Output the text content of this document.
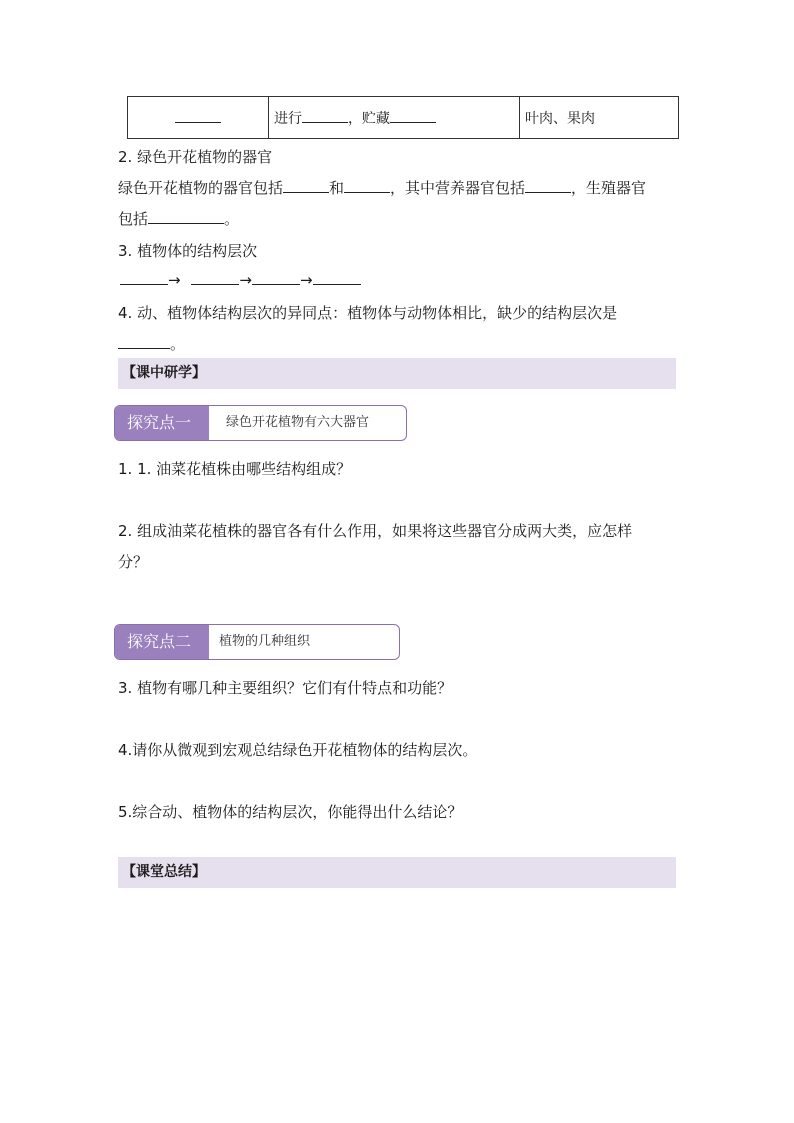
	进行	，贮藏	叶肉、果肉
2. 绿色开花植物的器官
绿色开花植物的器官包括	和	，其中营养器官包括	，生殖器官
包括	。
3. 植物体的结构层次
→	→	→
4. 动、植物体结构层次的异同点：植物体与动物体相比，缺少的结构层次是
。
【课中研学】
探究点一	绿色开花植物有六大器官
1. 1. 油菜花植株由哪些结构组成？
2. 组成油菜花植株的器官各有什么作用，如果将这些器官分成两大类，应怎样
分？
探究点二	植物的几种组织
3. 植物有哪几种主要组织？它们有什特点和功能？
4.请你从微观到宏观总结绿色开花植物体的结构层次。
5.综合动、植物体的结构层次，你能得出什么结论？
【课堂总结】
